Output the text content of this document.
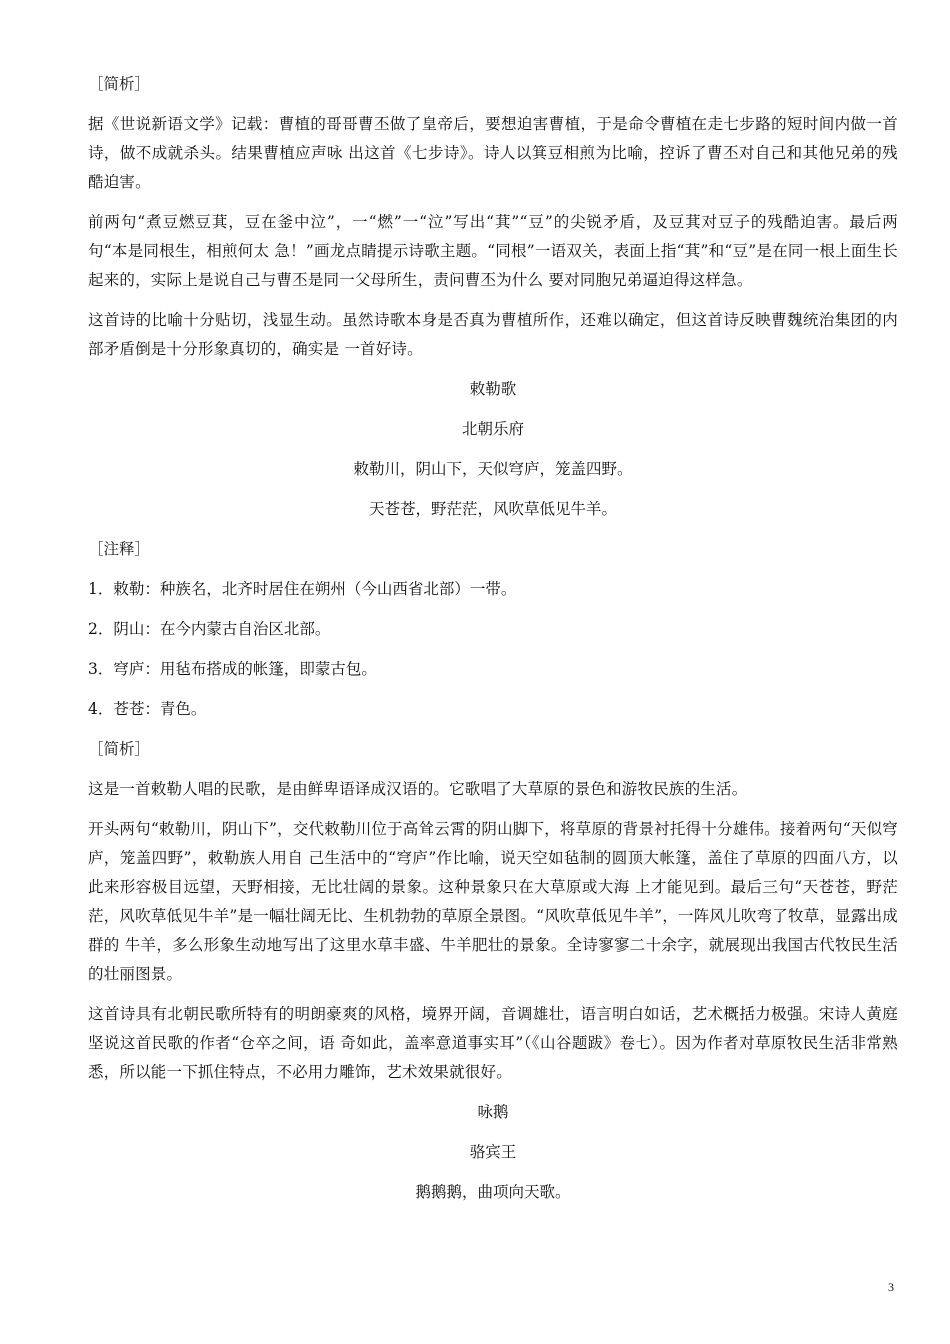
［简析］

据《世说新语文学》记载：曹植的哥哥曹丕做了皇帝后，要想迫害曹植，于是命令曹植在走七步路的短时间内做一首诗，做不成就杀头。结果曹植应声咏 出这首《七步诗》。诗人以箕豆相煎为比喻，控诉了曹丕对自己和其他兄弟的残酷迫害。

前两句“煮豆燃豆萁，豆在釜中泣”，一“燃”一“泣”写出“萁”“豆”的尖锐矛盾，及豆萁对豆子的残酷迫害。最后两句“本是同根生，相煎何太 急！”画龙点睛提示诗歌主题。“同根”一语双关，表面上指“萁”和“豆”是在同一根上面生长起来的，实际上是说自己与曹丕是同一父母所生，责问曹丕为什么 要对同胞兄弟逼迫得这样急。

这首诗的比喻十分贴切，浅显生动。虽然诗歌本身是否真为曹植所作，还难以确定，但这首诗反映曹魏统治集团的内部矛盾倒是十分形象真切的，确实是 一首好诗。

敕勒歌
北朝乐府
敕勒川，阴山下，天似穹庐，笼盖四野。
天苍苍，野茫茫，风吹草低见牛羊。
［注释］
1．敕勒：种族名，北齐时居住在朔州（今山西省北部）一带。
2．阴山：在今内蒙古自治区北部。
3．穹庐：用毡布搭成的帐篷，即蒙古包。
4．苍苍：青色。
［简析］

这是一首敕勒人唱的民歌，是由鲜卑语译成汉语的。它歌唱了大草原的景色和游牧民族的生活。

开头两句“敕勒川，阴山下”，交代敕勒川位于高耸云霄的阴山脚下，将草原的背景衬托得十分雄伟。接着两句“天似穹庐，笼盖四野”，敕勒族人用自 己生活中的“穹庐”作比喻，说天空如毡制的圆顶大帐篷，盖住了草原的四面八方，以此来形容极目远望，天野相接，无比壮阔的景象。这种景象只在大草原或大海 上才能见到。最后三句“天苍苍，野茫茫，风吹草低见牛羊”是一幅壮阔无比、生机勃勃的草原全景图。“风吹草低见牛羊”，一阵风儿吹弯了牧草，显露出成群的 牛羊，多么形象生动地写出了这里水草丰盛、牛羊肥壮的景象。全诗寥寥二十余字，就展现出我国古代牧民生活的壮丽图景。

这首诗具有北朝民歌所特有的明朗豪爽的风格，境界开阔，音调雄壮，语言明白如话，艺术概括力极强。宋诗人黄庭坚说这首民歌的作者“仓卒之间，语 奇如此，盖率意道事实耳”（《山谷题跋》卷七）。因为作者对草原牧民生活非常熟悉，所以能一下抓住特点，不必用力雕饰，艺术效果就很好。

咏鹅
骆宾王
鹅鹅鹅，曲项向天歌。
3
